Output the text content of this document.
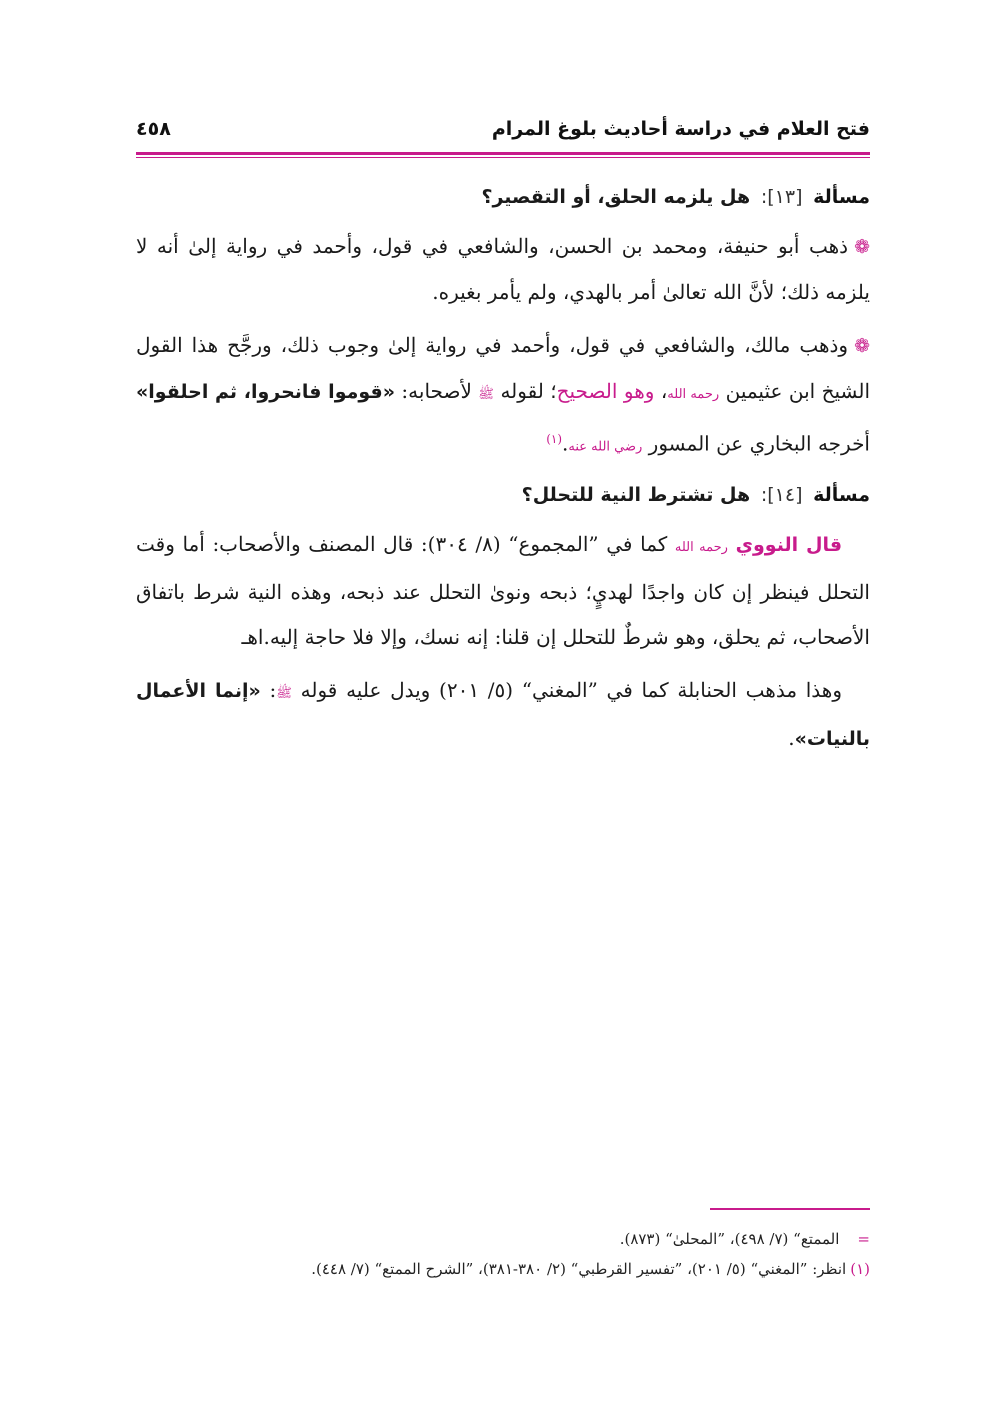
فتح العلام في دراسة أحاديث بلوغ المرام
٤٥٨
مسألة [١٣]: هل يلزمه الحلق، أو التقصير؟

❁ذهب أبو حنيفة، ومحمد بن الحسن، والشافعي في قول، وأحمد في رواية إلىٰ أنه لا يلزمه ذلك؛ لأنَّ الله تعالىٰ أمر بالهدي، ولم يأمر بغيره.

❁وذهب مالك، والشافعي في قول، وأحمد في رواية إلىٰ وجوب ذلك، ورجَّح هذا القول الشيخ ابن عثيمين رحمه الله، وهو الصحيح؛ لقوله ﷺ لأصحابه: «قوموا فانحروا، ثم احلقوا» أخرجه البخاري عن المسور رضي الله عنه.$^{(١)}$

مسألة [١٤]: هل تشترط النية للتحلل؟

قال النووي رحمه الله كما في ”المجموع“ (٨/ ٣٠٤): قال المصنف والأصحاب: أما وقت التحلل فينظر إن كان واجدًا لهديٍ؛ ذبحه ونوىٰ التحلل عند ذبحه، وهذه النية شرط باتفاق الأصحاب، ثم يحلق، وهو شرطٌ للتحلل إن قلنا: إنه نسك، وإلا فلا حاجة إليه.اهـ

وهذا مذهب الحنابلة كما في ”المغني“ (٥/ ٢٠١) ويدل عليه قوله ﷺ: «إنما الأعمال بالنيات».

=الممتع“ (٧/ ٤٩٨)، ”المحلىٰ“ (٨٧٣).
(١)انظر: ”المغني“ (٥/ ٢٠١)، ”تفسير القرطبي“ (٢/ ٣٨٠-٣٨١)، ”الشرح الممتع“ (٧/ ٤٤٨).
